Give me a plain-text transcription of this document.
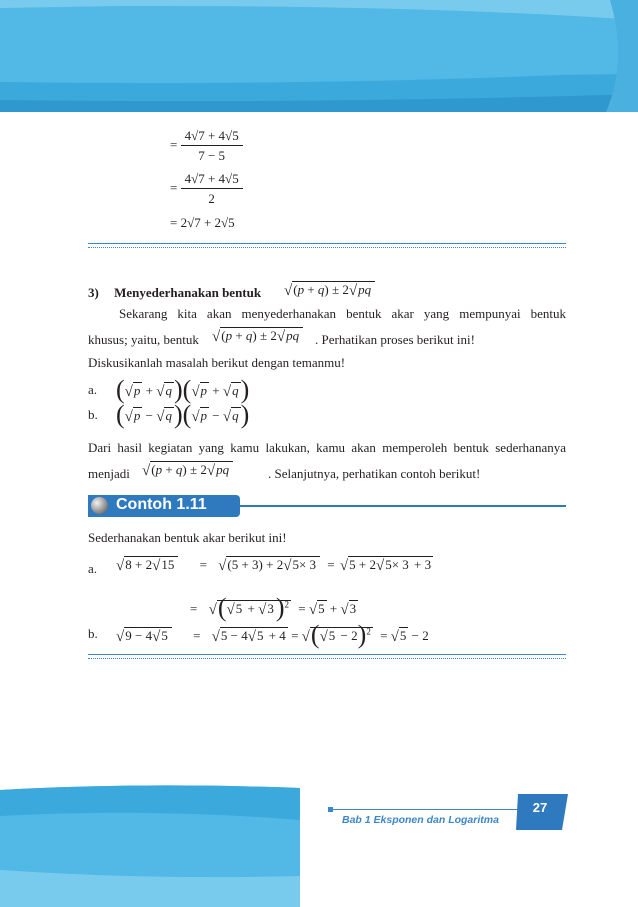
= $\frac{4√7 + 4√5}{7 - 5}$
= $\frac{4√7 + 4√5}{2}$
= 2√7 + 2√5
3) Menyederhanakan bentuk √(p + q) ± 2√pq
Sekarang kita akan menyederhanakan bentuk akar yang mempunyai bentuk
khusus; yaitu, bentuk √(p + q) ± 2√pq	. Perhatikan proses berikut ini!
Diskusikanlah masalah berikut dengan temanmu!
a. (√p + √q)(√p + √q)
b. (√p − √q)(√p − √q)
Dari hasil kegiatan yang kamu lakukan, kamu akan memperoleh bentuk sederhananya
menjadi √(p + q) ± 2√pq	. Selanjutnya, perhatikan contoh berikut!
Contoh 1.11
Sederhanakan bentuk akar berikut ini!
a. √8 + 2√15 = √(5 + 3) + 2√5× 3 = √5 + 2√5× 3 + 3
= $√(√5 + √3)^2 = √5 + √3$
b. $√9 - 4√5 = √5 - 4√5 + 4 = √(√5 - 2)^2 = √5 - 2$
Bab 1 Eksponen dan Logaritma
27
